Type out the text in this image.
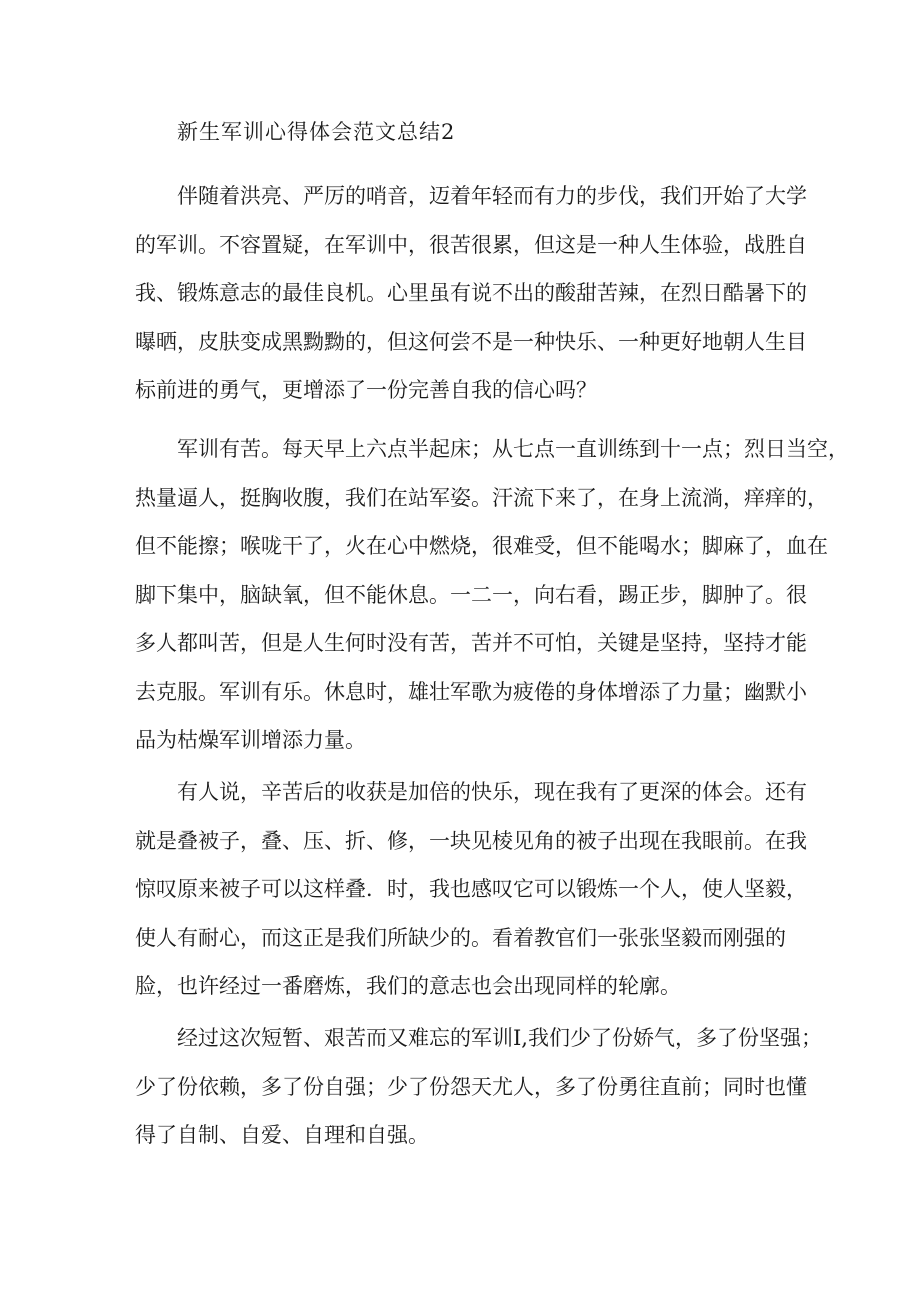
新生军训心得体会范文总结2

伴随着洪亮、严厉的哨音，迈着年轻而有力的步伐，我们开始了大学
的军训。不容置疑，在军训中，很苦很累，但这是一种人生体验，战胜自
我、锻炼意志的最佳良机。心里虽有说不出的酸甜苦辣，在烈日酷暑下的
曝晒，皮肤变成黑黝黝的，但这何尝不是一种快乐、一种更好地朝人生目
标前进的勇气，更增添了一份完善自我的信心吗？

军训有苦。每天早上六点半起床；从七点一直训练到十一点；烈日当空，
热量逼人，挺胸收腹，我们在站军姿。汗流下来了，在身上流淌，痒痒的，
但不能擦；喉咙干了，火在心中燃烧，很难受，但不能喝水；脚麻了，血在
脚下集中，脑缺氧，但不能休息。一二一，向右看，踢正步，脚肿了。很
多人都叫苦，但是人生何时没有苦，苦并不可怕，关键是坚持，坚持才能
去克服。军训有乐。休息时，雄壮军歌为疲倦的身体增添了力量；幽默小
品为枯燥军训增添力量。

有人说，辛苦后的收获是加倍的快乐，现在我有了更深的体会。还有
就是叠被子，叠、压、折、修，一块见棱见角的被子出现在我眼前。在我
惊叹原来被子可以这样叠．时，我也感叹它可以锻炼一个人，使人坚毅，
使人有耐心，而这正是我们所缺少的。看着教官们一张张坚毅而刚强的
脸，也许经过一番磨炼，我们的意志也会出现同样的轮廓。

经过这次短暂、艰苦而又难忘的军训I,我们少了份娇气，多了份坚强；
少了份依赖，多了份自强；少了份怨天尤人，多了份勇往直前；同时也懂
得了自制、自爱、自理和自强。
